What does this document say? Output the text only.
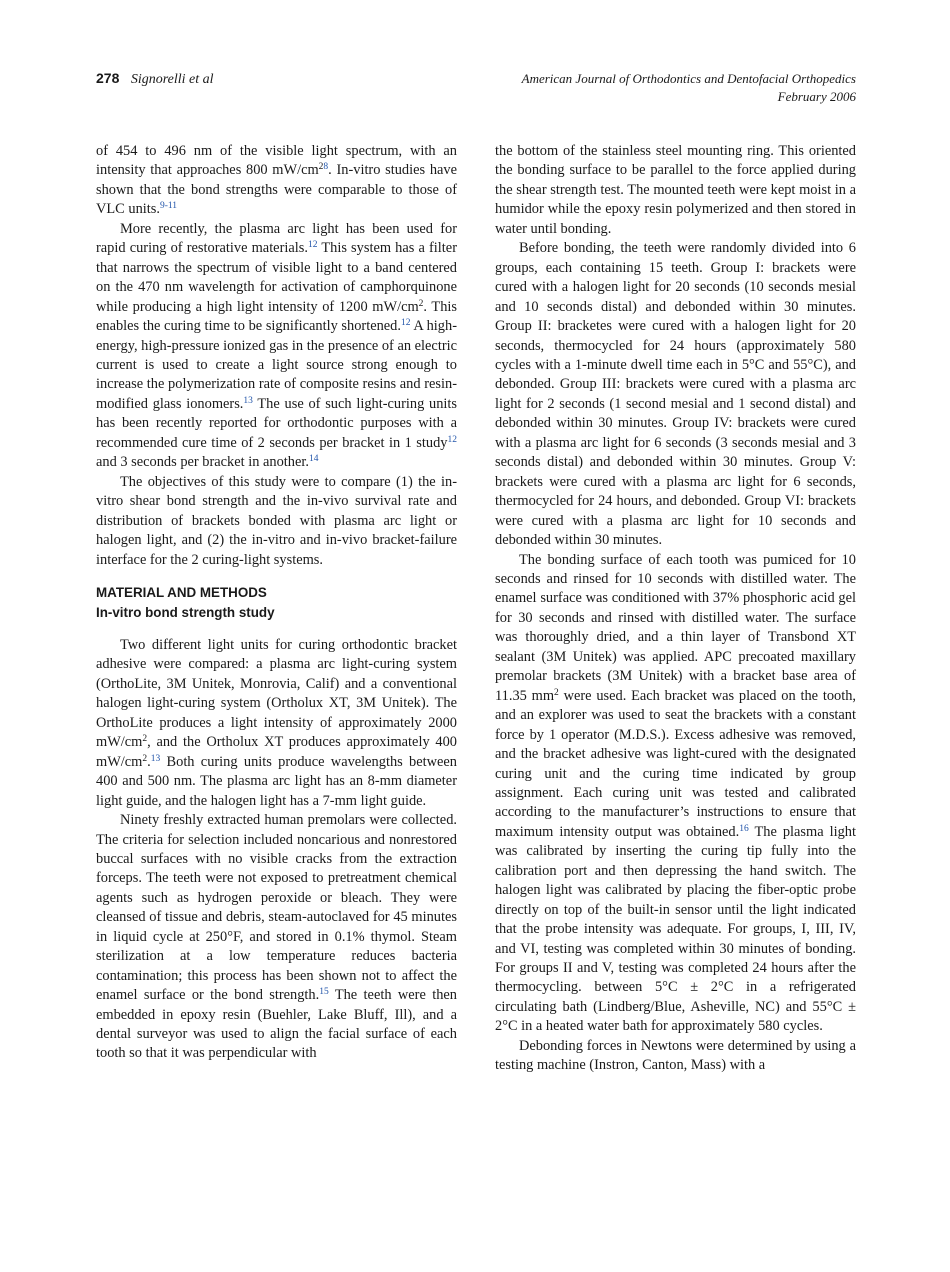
278 Signorelli et al	American Journal of Orthodontics and Dentofacial Orthopedics
February 2006

of 454 to 496 nm of the visible light spectrum, with an intensity that approaches 800 mW/cm$^{28}$. In-vitro studies have shown that the bond strengths were comparable to those of VLC units.$^{9-11}$

More recently, the plasma arc light has been used for rapid curing of restorative materials.$^{12}$ This system has a filter that narrows the spectrum of visible light to a band centered on the 470 nm wavelength for activation of camphorquinone while producing a high light intensity of 1200 $mW/cm^2$. This enables the curing time to be significantly shortened.$^{12}$ A high-energy, high-pressure ionized gas in the presence of an electric current is used to create a light source strong enough to increase the polymerization rate of composite resins and resin-modified glass ionomers.$^{13}$ The use of such light-curing units has been recently reported for orthodontic purposes with a recommended cure time of 2 seconds per bracket in 1 study$^{12}$ and 3 seconds per bracket in another.$^{14}$

The objectives of this study were to compare (1) the in-vitro shear bond strength and the in-vivo survival rate and distribution of brackets bonded with plasma arc light or halogen light, and (2) the in-vitro and in-vivo bracket-failure interface for the 2 curing-light systems.

MATERIAL AND METHODS
In-vitro bond strength study

Two different light units for curing orthodontic bracket adhesive were compared: a plasma arc light-curing system (OrthoLite, 3M Unitek, Monrovia, Calif) and a conventional halogen light-curing system (Ortholux XT, 3M Unitek). The OrthoLite produces a light intensity of approximately 2000 $mW/cm^2$, and the Ortholux XT produces approximately 400 $mW/cm^2.^{13}$ Both curing units produce wavelengths between 400 and 500 nm. The plasma arc light has an 8-mm diameter light guide, and the halogen light has a 7-mm light guide.

Ninety freshly extracted human premolars were collected. The criteria for selection included noncarious and nonrestored buccal surfaces with no visible cracks from the extraction forceps. The teeth were not exposed to pretreatment chemical agents such as hydrogen peroxide or bleach. They were cleansed of tissue and debris, steam-autoclaved for 45 minutes in liquid cycle at 250°F, and stored in 0.1% thymol. Steam sterilization at a low temperature reduces bacteria contamination; this process has been shown not to affect the enamel surface or the bond strength.$^{15}$ The teeth were then embedded in epoxy resin (Buehler, Lake Bluff, Ill), and a dental surveyor was used to align the facial surface of each tooth so that it was perpendicular with

the bottom of the stainless steel mounting ring. This oriented the bonding surface to be parallel to the force applied during the shear strength test. The mounted teeth were kept moist in a humidor while the epoxy resin polymerized and then stored in water until bonding.

Before bonding, the teeth were randomly divided into 6 groups, each containing 15 teeth. Group I: brackets were cured with a halogen light for 20 seconds (10 seconds mesial and 10 seconds distal) and debonded within 30 minutes. Group II: bracketes were cured with a halogen light for 20 seconds, thermocycled for 24 hours (approximately 580 cycles with a 1-minute dwell time each in 5°C and 55°C), and debonded. Group III: brackets were cured with a plasma arc light for 2 seconds (1 second mesial and 1 second distal) and debonded within 30 minutes. Group IV: brackets were cured with a plasma arc light for 6 seconds (3 seconds mesial and 3 seconds distal) and debonded within 30 minutes. Group V: brackets were cured with a plasma arc light for 6 seconds, thermocycled for 24 hours, and debonded. Group VI: brackets were cured with a plasma arc light for 10 seconds and debonded within 30 minutes.

The bonding surface of each tooth was pumiced for 10 seconds and rinsed for 10 seconds with distilled water. The enamel surface was conditioned with 37% phosphoric acid gel for 30 seconds and rinsed with distilled water. The surface was thoroughly dried, and a thin layer of Transbond XT sealant (3M Unitek) was applied. APC precoated maxillary premolar brackets (3M Unitek) with a bracket base area of 11.35 $mm^2$ were used. Each bracket was placed on the tooth, and an explorer was used to seat the brackets with a constant force by 1 operator (M.D.S.). Excess adhesive was removed, and the bracket adhesive was light-cured with the designated curing unit and the curing time indicated by group assignment. Each curing unit was tested and calibrated according to the manufacturer’s instructions to ensure that maximum intensity output was obtained.$^{16}$ The plasma light was calibrated by inserting the curing tip fully into the calibration port and then depressing the hand switch. The halogen light was calibrated by placing the fiber-optic probe directly on top of the built-in sensor until the light indicated that the probe intensity was adequate. For groups, I, III, IV, and VI, testing was completed within 30 minutes of bonding. For groups II and V, testing was completed 24 hours after the thermocycling. between 5°C ± 2°C in a refrigerated circulating bath (Lindberg/Blue, Asheville, NC) and 55°C ± 2°C in a heated water bath for approximately 580 cycles.

Debonding forces in Newtons were determined by using a testing machine (Instron, Canton, Mass) with a
